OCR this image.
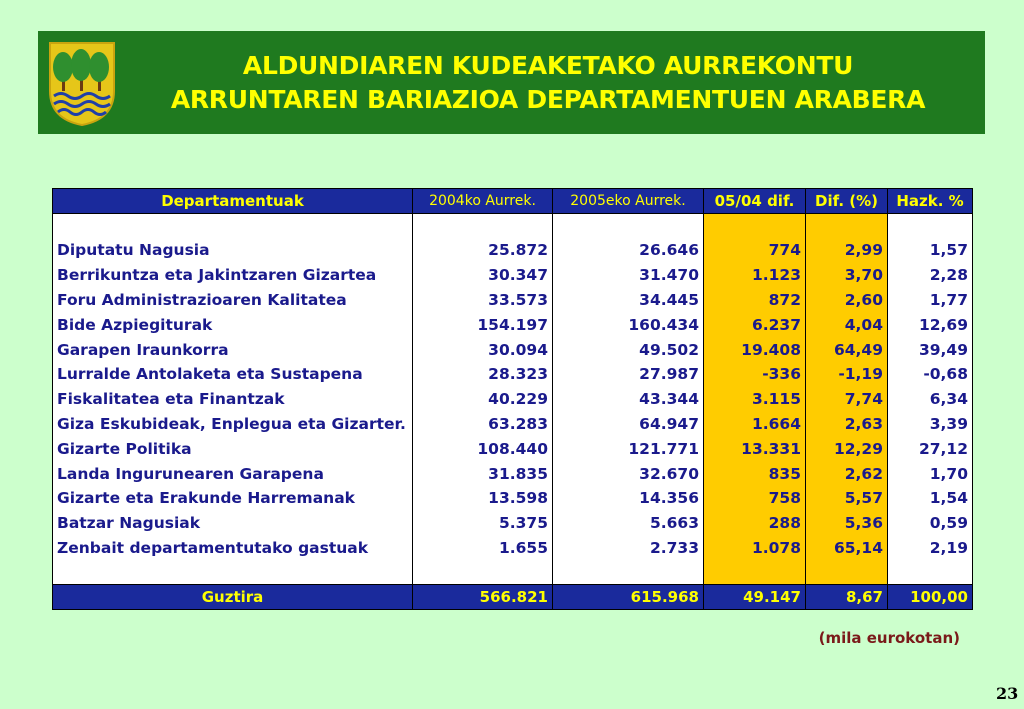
ALDUNDIAREN KUDEAKETAKO AURREKONTU
ARRUNTAREN BARIAZIOA DEPARTAMENTUEN ARABERA
Departamentuak	2004ko Aurrek.	2005eko Aurrek.	05/04 dif.	Dif. (%)	Hazk. %

Diputatu Nagusia	25.872	26.646	774	2,99	1,57
Berrikuntza eta Jakintzaren Gizartea	30.347	31.470	1.123	3,70	2,28
Foru Administrazioaren Kalitatea	33.573	34.445	872	2,60	1,77
Bide Azpiegiturak	154.197	160.434	6.237	4,04	12,69
Garapen Iraunkorra	30.094	49.502	19.408	64,49	39,49
Lurralde Antolaketa eta Sustapena	28.323	27.987	-336	-1,19	-0,68
Fiskalitatea eta Finantzak	40.229	43.344	3.115	7,74	6,34
Giza Eskubideak, Enplegua eta Gizarter.	63.283	64.947	1.664	2,63	3,39
Gizarte Politika	108.440	121.771	13.331	12,29	27,12
Landa Ingurunearen Garapena	31.835	32.670	835	2,62	1,70
Gizarte eta Erakunde Harremanak	13.598	14.356	758	5,57	1,54
Batzar Nagusiak	5.375	5.663	288	5,36	0,59
Zenbait departamentutako gastuak	1.655	2.733	1.078	65,14	2,19

Guztira	566.821	615.968	49.147	8,67	100,00
(mila eurokotan)
23
